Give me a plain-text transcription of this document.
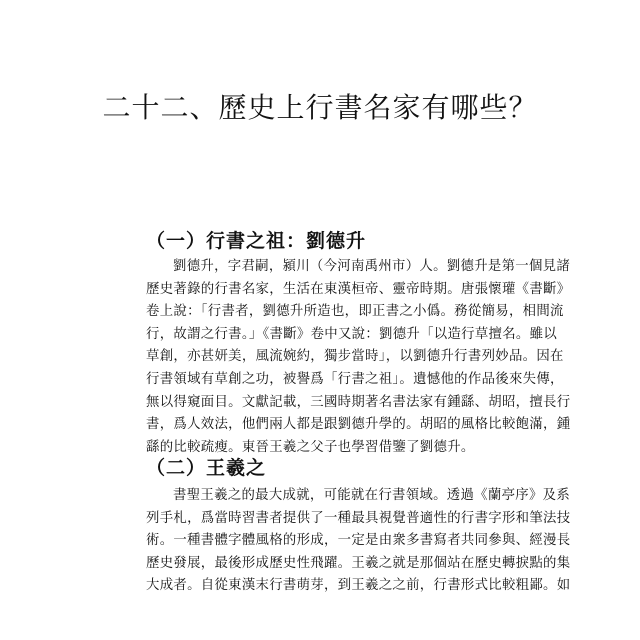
二十二、歷史上行書名家有哪些？
（一）行書之祖：劉德升
劉德升，字君嗣，潁川（今河南禹州市）人。劉德升是第一個見諸
歷史著錄的行書名家，生活在東漢桓帝、靈帝時期。唐張懷瓘《書斷》
卷上說：「行書者，劉德升所造也，即正書之小僞。務從簡易，相間流
行，故謂之行書。」《書斷》卷中又說：劉德升「以造行草擅名。雖以
草創，亦甚妍美，風流婉約，獨步當時」，以劉德升行書列妙品。因在
行書領域有草創之功，被譽爲「行書之祖」。遺憾他的作品後來失傳，
無以得窺面目。文獻記載，三國時期著名書法家有鍾繇、胡昭，擅長行
書，爲人效法，他們兩人都是跟劉德升學的。胡昭的風格比較飽滿，鍾
繇的比較疏瘦。東晉王羲之父子也學習借鑒了劉德升。
（二）王羲之
書聖王羲之的最大成就，可能就在行書領域。透過《蘭亭序》及系
列手札，爲當時習書者提供了一種最具視覺普適性的行書字形和筆法技
術。一種書體字體風格的形成，一定是由衆多書寫者共同參與、經漫長
歷史發展，最後形成歷史性飛躍。王羲之就是那個站在歷史轉捩點的集
大成者。自從東漢末行書萌芽，到王羲之之前，行書形式比較粗鄙。如
